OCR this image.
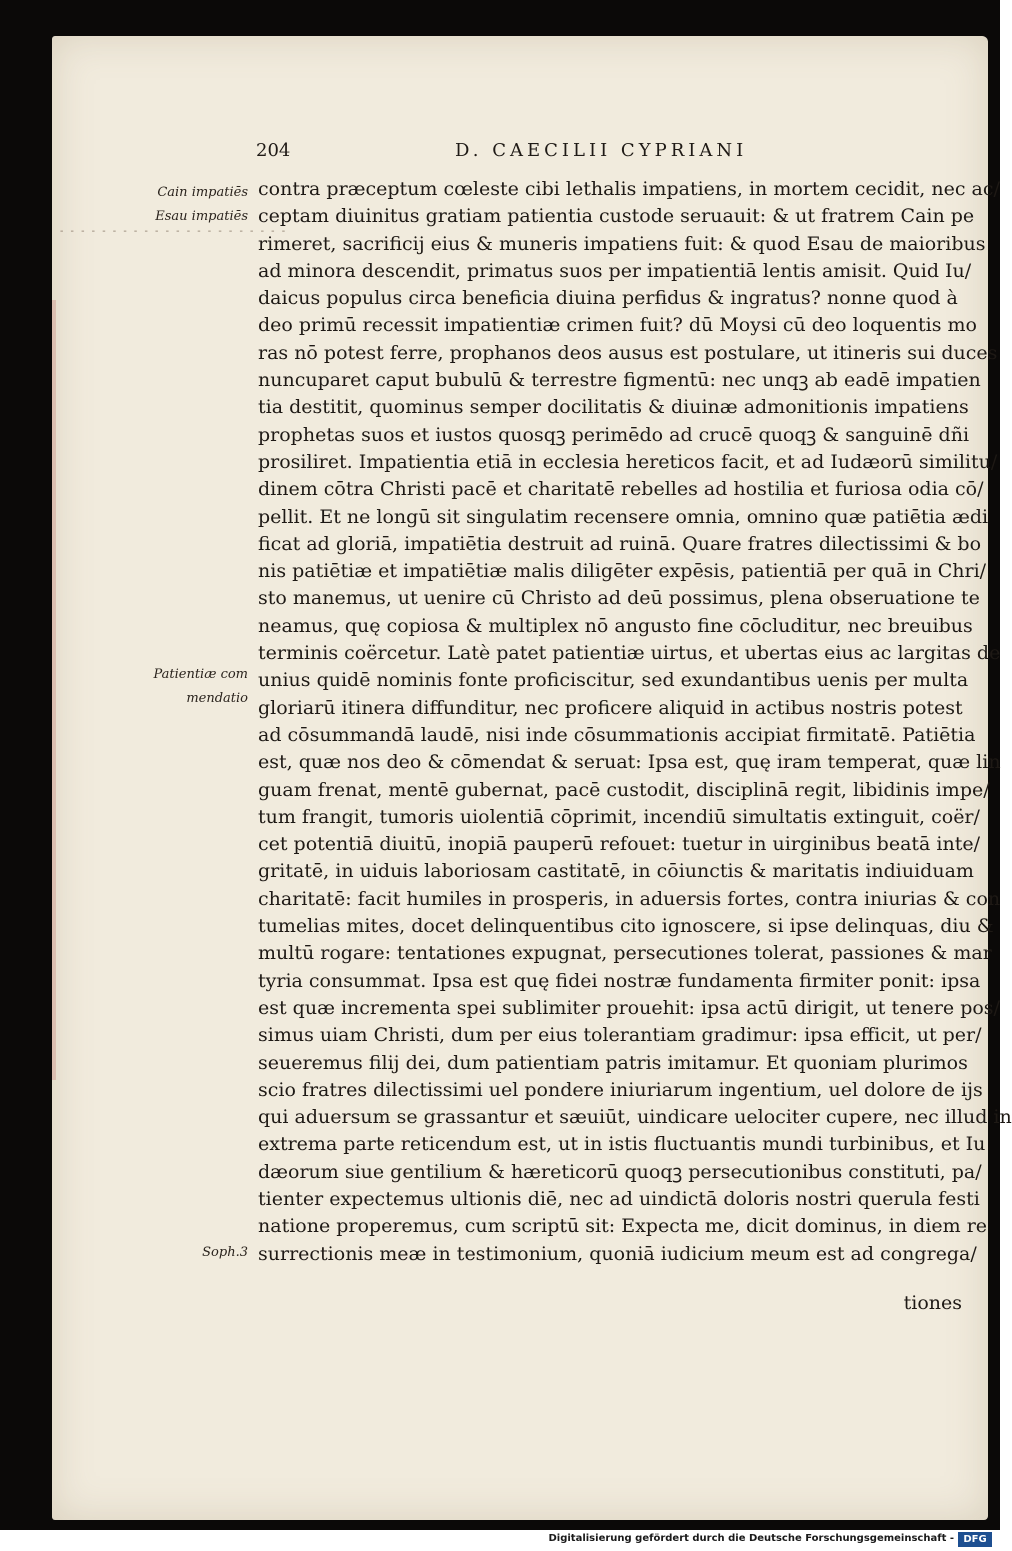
- - - - - - - - - - - - - - - - - - - - - -
204	D. CAECILII CYPRIANI
Cain impatiēs
Esau impatiēs
Patientiæ com
mendatio
Soph.3
contra præceptum cœleste cibi lethalis impatiens, in mortem cecidit, nec ac/
ceptam diuinitus gratiam patientia custode seruauit: & ut fratrem Cain pe
rimeret, sacrificij eius & muneris impatiens fuit: & quod Esau de maioribus
ad minora descendit, primatus suos per impatientiā lentis amisit. Quid Iu/
daicus populus circa beneficia diuina perfidus & ingratus? nonne quod à
deo primū recessit impatientiæ crimen fuit? dū Moysi cū deo loquentis mo
ras nō potest ferre, prophanos deos ausus est postulare, ut itineris sui duces
nuncuparet caput bubulū & terrestre figmentū: nec unqꝫ ab eadē impatien
tia destitit, quominus semper docilitatis & diuinæ admonitionis impatiens
prophetas suos et iustos quosqꝫ perimēdo ad crucē quoqꝫ & sanguinē dñi
prosiliret. Impatientia etiā in ecclesia hereticos facit, et ad Iudæorū similitu/
dinem cōtra Christi pacē et charitatē rebelles ad hostilia et furiosa odia cō/
pellit. Et ne longū sit singulatim recensere omnia, omnino quæ patiētia ædi
ficat ad gloriā, impatiētia destruit ad ruinā. Quare fratres dilectissimi & bo
nis patiētiæ et impatiētiæ malis diligēter expēsis, patientiā per quā in Chri/
sto manemus, ut uenire cū Christo ad deū possimus, plena obseruatione te
neamus, quę copiosa & multiplex nō angusto fine cōcluditur, nec breuibus
terminis coërcetur. Latè patet patientiæ uirtus, et ubertas eius ac largitas de
unius quidē nominis fonte proficiscitur, sed exundantibus uenis per multa
gloriarū itinera diffunditur, nec proficere aliquid in actibus nostris potest
ad cōsummandā laudē, nisi inde cōsummationis accipiat firmitatē. Patiētia
est, quæ nos deo & cōmendat & seruat: Ipsa est, quę iram temperat, quæ lin
guam frenat, mentē gubernat, pacē custodit, disciplinā regit, libidinis impe/
tum frangit, tumoris uiolentiā cōprimit, incendiū simultatis extinguit, coër/
cet potentiā diuitū, inopiā pauperū refouet: tuetur in uirginibus beatā inte/
gritatē, in uiduis laboriosam castitatē, in cōiunctis & maritatis indiuiduam
charitatē: facit humiles in prosperis, in aduersis fortes, contra iniurias & con
tumelias mites, docet delinquentibus cito ignoscere, si ipse delinquas, diu &
multū rogare: tentationes expugnat, persecutiones tolerat, passiones & mar
tyria consummat. Ipsa est quę fidei nostræ fundamenta firmiter ponit: ipsa
est quæ incrementa spei sublimiter prouehit: ipsa actū dirigit, ut tenere pos/
simus uiam Christi, dum per eius tolerantiam gradimur: ipsa efficit, ut per/
seueremus filij dei, dum patientiam patris imitamur. Et quoniam plurimos
scio fratres dilectissimi uel pondere iniuriarum ingentium, uel dolore de ijs
qui aduersum se grassantur et sæuiūt, uindicare uelociter cupere, nec illud in
extrema parte reticendum est, ut in istis fluctuantis mundi turbinibus, et Iu
dæorum siue gentilium & hæreticorū quoqꝫ persecutionibus constituti, pa/
tienter expectemus ultionis diē, nec ad uindictā doloris nostri querula festi
natione properemus, cum scriptū sit: Expecta me, dicit dominus, in diem re
surrectionis meæ in testimonium, quoniā iudicium meum est ad congrega/
tiones
Digitalisierung gefördert durch die Deutsche Forschungsgemeinschaft - DFG
